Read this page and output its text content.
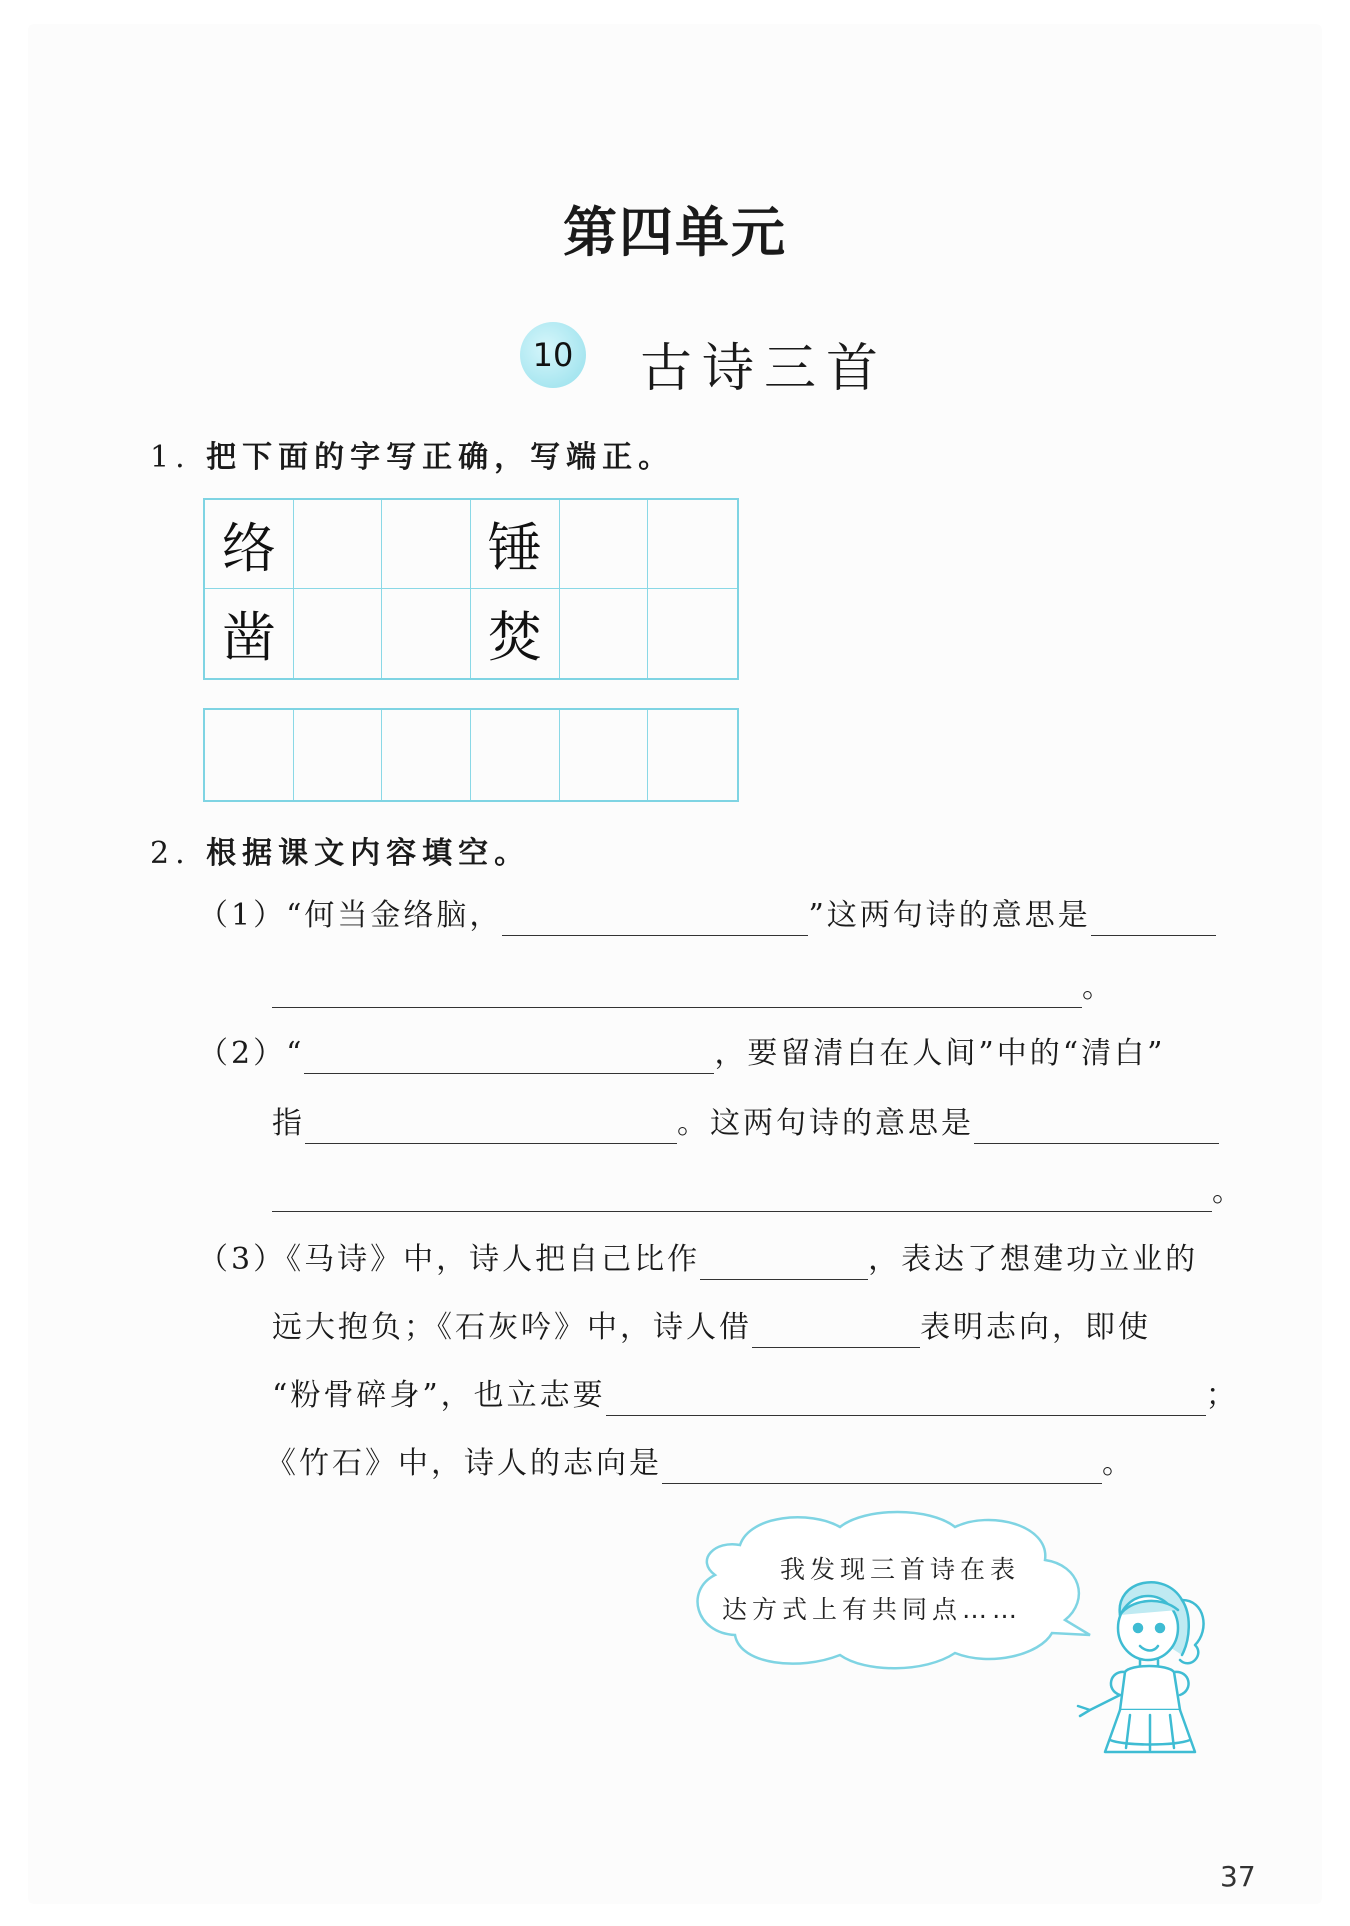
第四单元
10 古诗三首
1. 把下面的字写正确，写端正。
络	锤
凿	焚
2. 根据课文内容填空。
（1）“何当金络脑，	”这两句诗的意思是
。
（2）“	，要留清白在人间”中的“清白”
指	。这两句诗的意思是
。
（3）《马诗》中，诗人把自己比作	，表达了想建功立业的
远大抱负；《石灰吟》中，诗人借	表明志向，即使
“粉骨碎身”，也立志要	；
《竹石》中，诗人的志向是	。
我发现三首诗在表
达方式上有共同点……
37
